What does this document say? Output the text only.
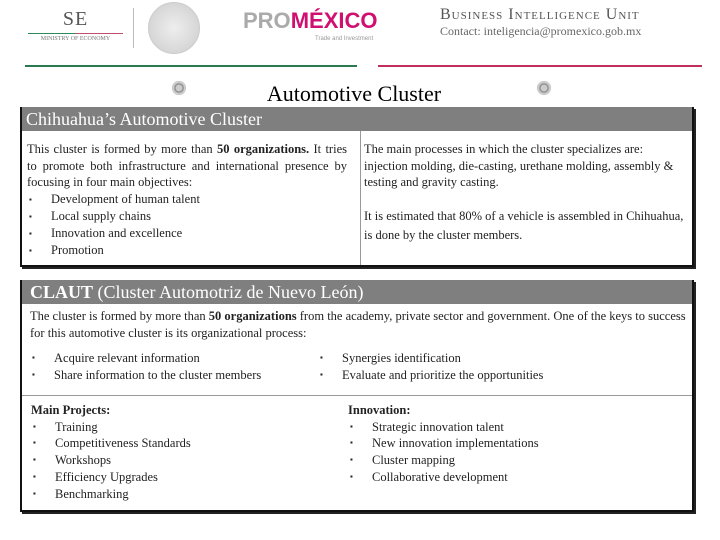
SE
MINISTRY OF ECONOMY
PROMÉXICO
Trade and Investment
Business Intelligence Unit
Contact: inteligencia@promexico.gob.mx
Automotive Cluster
Chihuahua’s Automotive Cluster
This cluster is formed by more than 50 organizations. It tries to promote both infrastructure and international presence by focusing in four main objectives:
▪ Development of human talent
▪ Local supply chains
▪ Innovation and excellence
▪ Promotion
The main processes in which the cluster specializes are: injection molding, die-casting, urethane molding, assembly & testing and gravity casting.
It is estimated that 80% of a vehicle is assembled in Chihuahua, is done by the cluster members.
CLAUT (Cluster Automotriz de Nuevo León)
The cluster is formed by more than 50 organizations from the academy, private sector and government. One of the keys to success for this automotive cluster is its organizational process:
▪ Acquire relevant information
▪ Share information to the cluster members
▪ Synergies identification
▪ Evaluate and prioritize the opportunities
Main Projects:
▪ Training
▪ Competitiveness Standards
▪ Workshops
▪ Efficiency Upgrades
▪ Benchmarking
Innovation:
▪ Strategic innovation talent
▪ New innovation implementations
▪ Cluster mapping
▪ Collaborative development
